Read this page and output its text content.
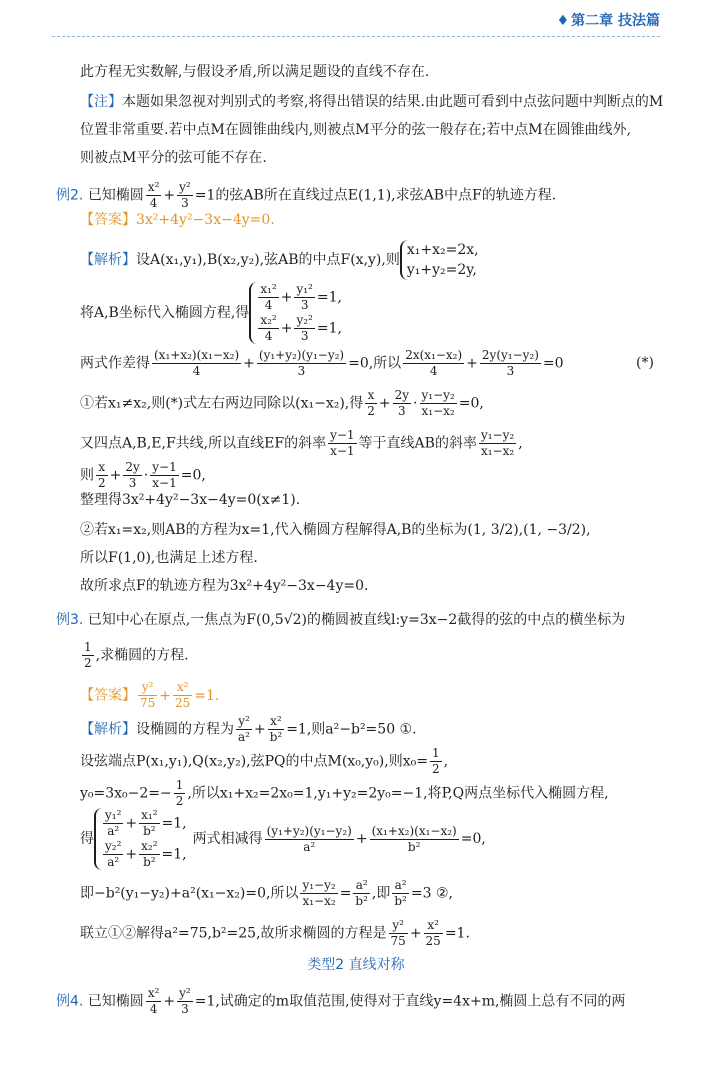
♦ 第二章 技法篇
此方程无实数解,与假设矛盾,所以满足题设的直线不存在.
【注】本题如果忽视对判别式的考察,将得出错误的结果.由此题可看到中点弦问题中判断点的M
位置非常重要.若中点M在圆锥曲线内,则被点M平分的弦一般存在;若中点M在圆锥曲线外,
则被点M平分的弦可能不存在.
例2. 已知椭圆 $\frac{\text{x²}}{4} + \frac{\text{y²}}{3} =1$的弦AB所在直线过点E(1,1),求弦AB中点F的轨迹方程.
【答案】3x²+4y²−3x−4y=0.
【解析】设A(x₁,y₁),B(x₂,y₂),弦AB的中点F(x,y),则
x₁+x₂=2x,
y₁+y₂=2y,
将A,B坐标代入椭圆方程,得 $\frac{\text{x₁²}}{4} + \frac{\text{y₁²}}{3} =1$,
$\frac{\text{x₂²}}{4} + \frac{\text{y₂²}}{3} =1$,
两式作差得 $\frac{\text{(x₁+x₂)(x₁−x₂)}}{4} + \frac{\text{(y₁+y₂)(y₁−y₂)}}{3} =0$,所以 $\frac{\text{2x(x₁−x₂)}}{4} + \frac{\text{2y(y₁−y₂)}}{3} =0$	(*)
①若x₁≠x₂,则(*)式左右两边同除以(x₁−x₂),得 $\frac{x}{2} + \frac{2y}{3} \cdot \frac{\text{y₁−y₂}}{\text{x₁−x₂}} =0$,
又四点A,B,E,F共线,所以直线EF的斜率 $\frac{y-1}{x-1}$ 等于直线AB的斜率 $\frac{\text{y₁−y₂}}{\text{x₁−x₂}}$ ,
则 $\frac{x}{2} + \frac{2y}{3} \cdot \frac{y-1}{x-1} =0$,
整理得3x²+4y²−3x−4y=0(x≠1).
②若x₁=x₂,则AB的方程为x=1,代入椭圆方程解得A,B的坐标为(1, 3/2),(1, −3/2),
所以F(1,0),也满足上述方程.
故所求点F的轨迹方程为3x²+4y²−3x−4y=0.
例3. 已知中心在原点,一焦点为F(0,5√2)的椭圆被直线l:y=3x−2截得的弦的中点的横坐标为
$\frac{1}{2}$ ,求椭圆的方程.
【答案】 $\frac{\text{y²}}{75} + \frac{\text{x²}}{25} =1$.
【解析】设椭圆的方程为 $\frac{\text{y²}}{\text{a²}} + \frac{\text{x²}}{\text{b²}} =1$,则a²−b²=50 ①.
设弦端点P(x₁,y₁),Q(x₂,y₂),弦PQ的中点M(x₀,y₀),则$x_0= \frac{1}{2}$ ,
$y_0=3x_0-2=- \frac{1}{2}$ ,所以x₁+x₂=2x₀=1,y₁+y₂=2y₀=−1,将P,Q两点坐标代入椭圆方程,
得 $\frac{\text{y₁²}}{\text{a²}} + \frac{\text{x₁²}}{\text{b²}} =1$,
$\frac{\text{y₂²}}{\text{a²}} + \frac{\text{x₂²}}{\text{b²}} =1$,
两式相减得 $\frac{\text{(y₁+y₂)(y₁−y₂)}}{\text{a²}} + \frac{\text{(x₁+x₂)(x₁−x₂)}}{\text{b²}} =0$,
即−b²(y₁−y₂)+a²(x₁−x₂)=0,所以 $\frac{\text{y₁−y₂}}{\text{x₁−x₂}} = \frac{\text{a²}}{\text{b²}}$ ,即 $\frac{\text{a²}}{\text{b²}} =3$ ②,
联立①②解得a²=75,b²=25,故所求椭圆的方程是 $\frac{\text{y²}}{75} + \frac{\text{x²}}{25} =1$.
类型2 直线对称
例4. 已知椭圆 $\frac{\text{x²}}{4} + \frac{\text{y²}}{3} =1$,试确定的m取值范围,使得对于直线y=4x+m,椭圆上总有不同的两
